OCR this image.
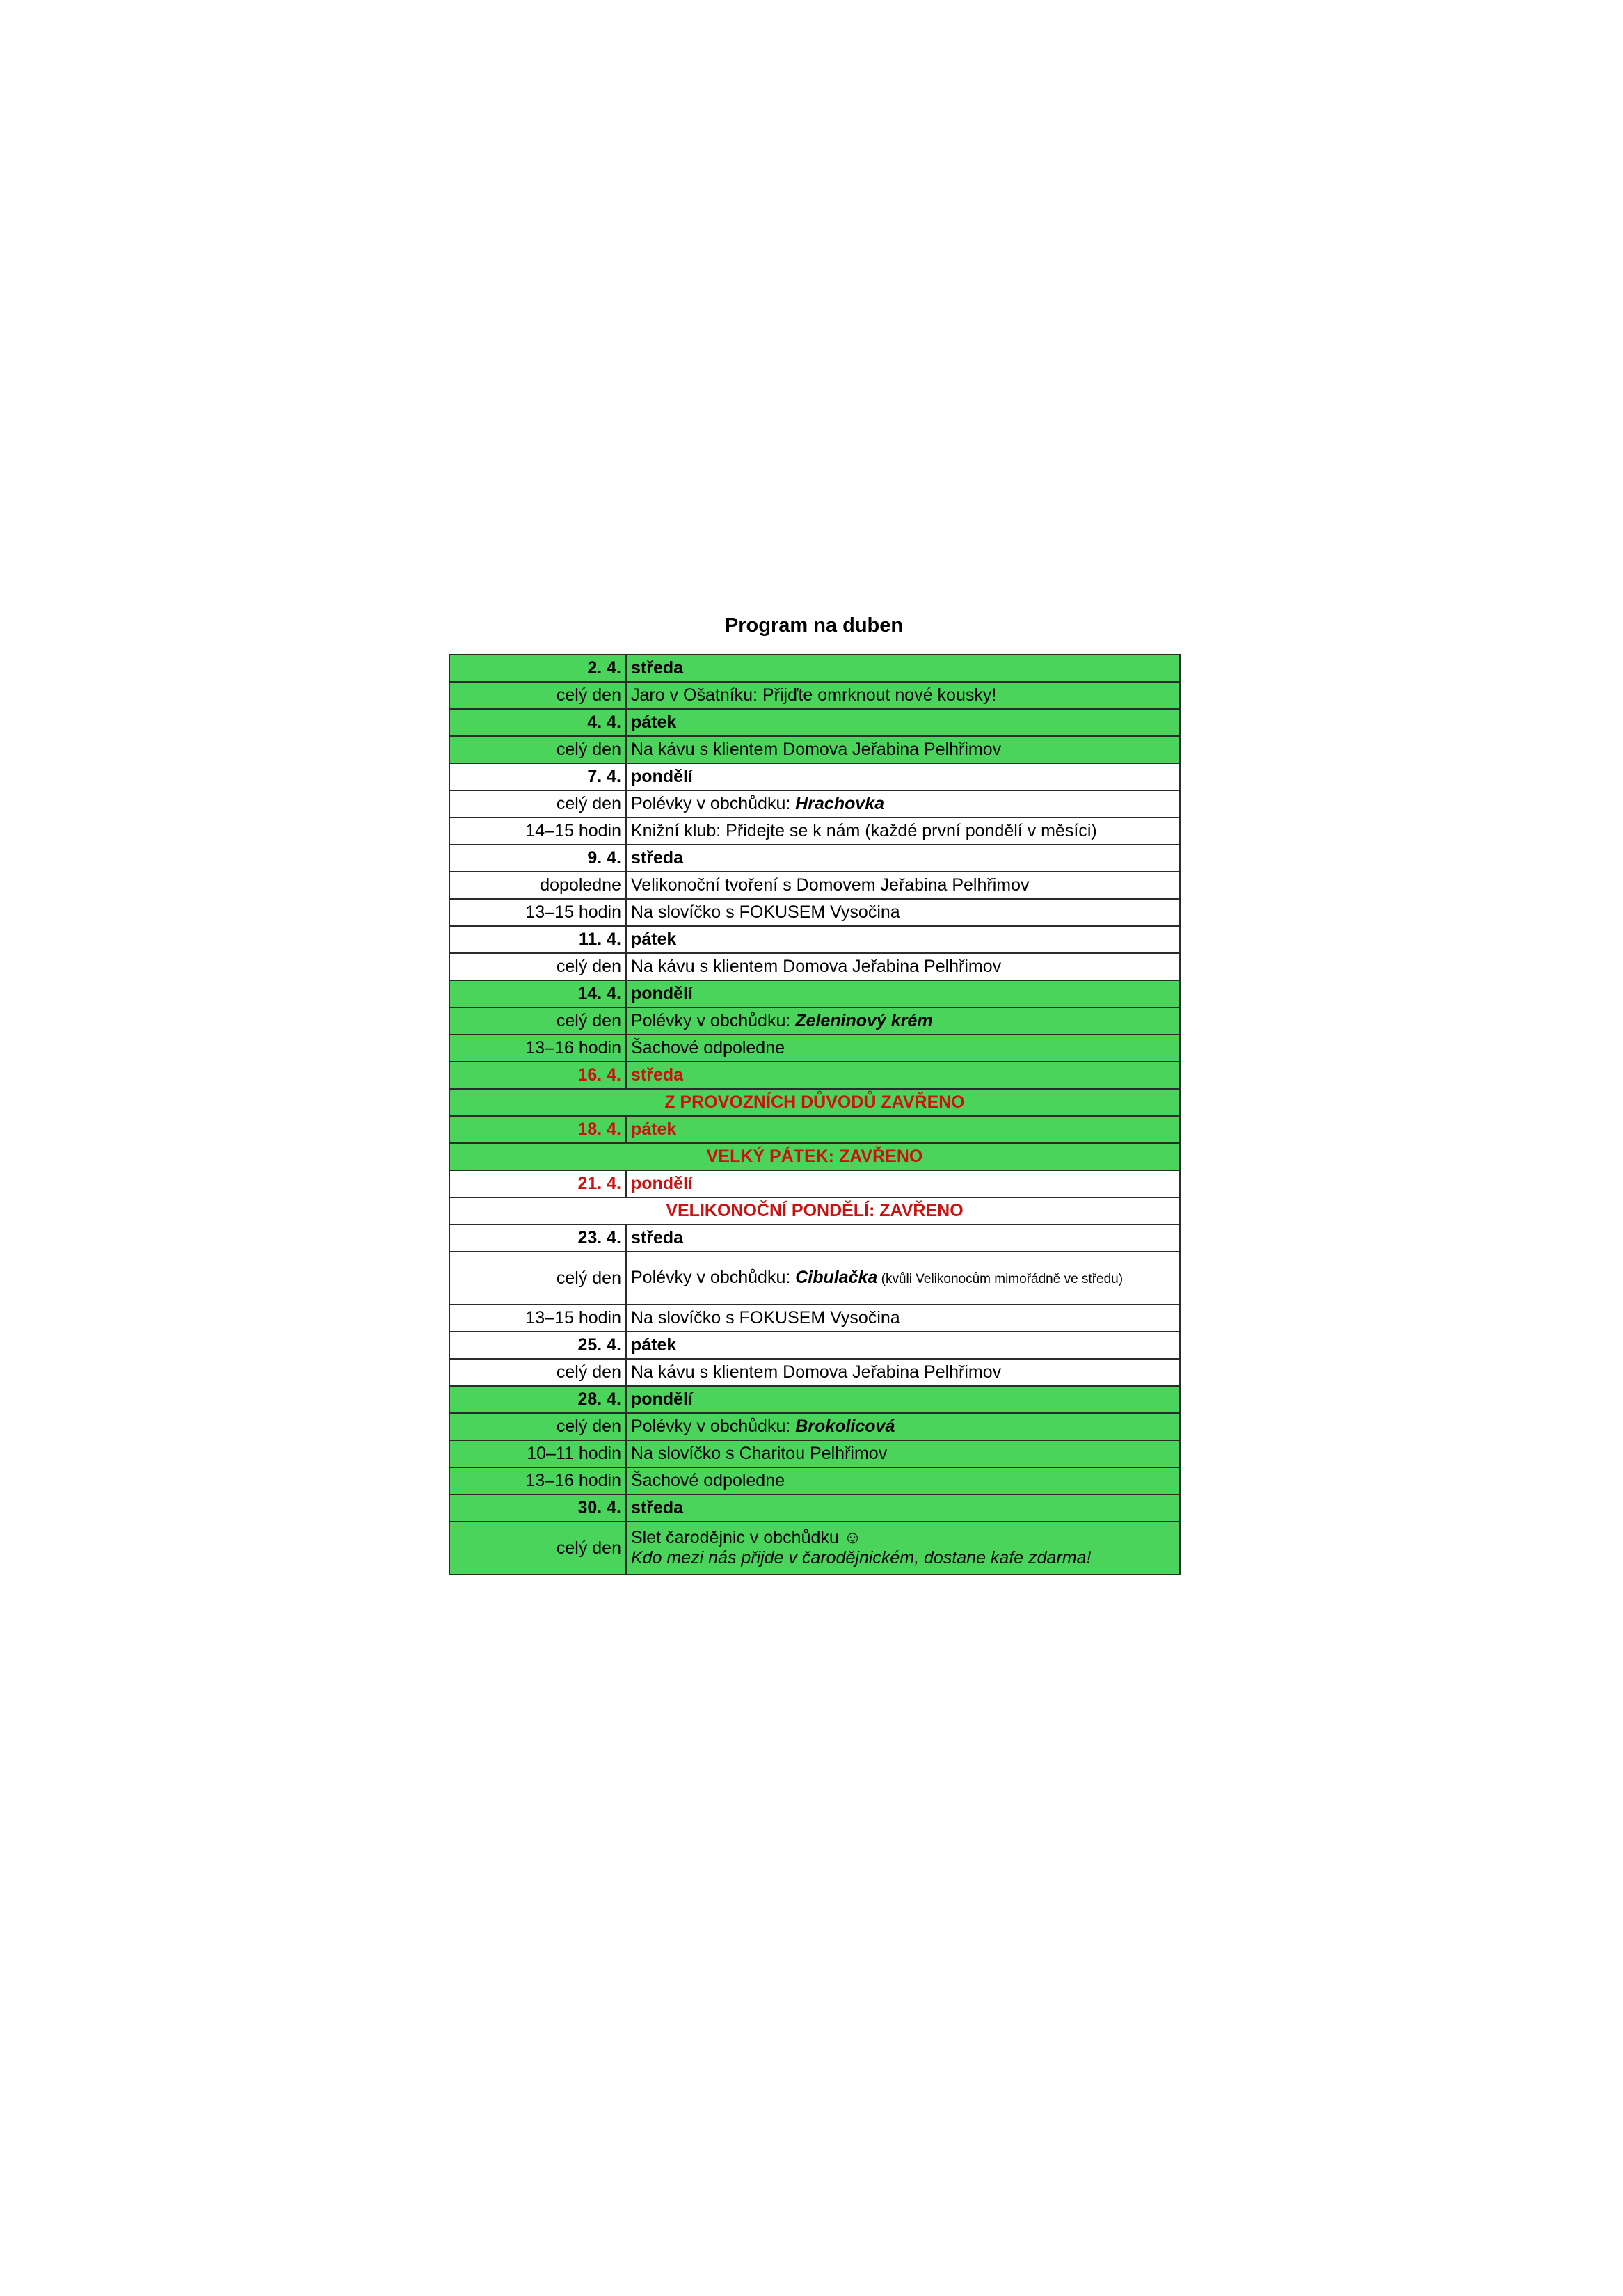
Program na duben
2. 4.	středa
celý den	Jaro v Ošatníku: Přijďte omrknout nové kousky!
4. 4.	pátek
celý den	Na kávu s klientem Domova Jeřabina Pelhřimov
7. 4.	pondělí
celý den	Polévky v obchůdku: Hrachovka
14–15 hodin	Knižní klub: Přidejte se k nám (každé první pondělí v měsíci)
9. 4.	středa
dopoledne	Velikonoční tvoření s Domovem Jeřabina Pelhřimov
13–15 hodin	Na slovíčko s FOKUSEM Vysočina
11. 4.	pátek
celý den	Na kávu s klientem Domova Jeřabina Pelhřimov
14. 4.	pondělí
celý den	Polévky v obchůdku: Zeleninový krém
13–16 hodin	Šachové odpoledne
16. 4.	středa
Z PROVOZNÍCH DŮVODŮ ZAVŘENO	
18. 4.	pátek
VELKÝ PÁTEK: ZAVŘENO	
21. 4.	pondělí
VELIKONOČNÍ PONDĚLÍ: ZAVŘENO	
23. 4.	středa
celý den	Polévky v obchůdku: Cibulačka (kvůli Velikonocům mimořádně ve středu)
13–15 hodin	Na slovíčko s FOKUSEM Vysočina
25. 4.	pátek
celý den	Na kávu s klientem Domova Jeřabina Pelhřimov
28. 4.	pondělí
celý den	Polévky v obchůdku: Brokolicová
10–11 hodin	Na slovíčko s Charitou Pelhřimov
13–16 hodin	Šachové odpoledne
30. 4.	středa
celý den	Slet čarodějnic v obchůdku ☺
Kdo mezi nás přijde v čarodějnickém, dostane kafe zdarma!
